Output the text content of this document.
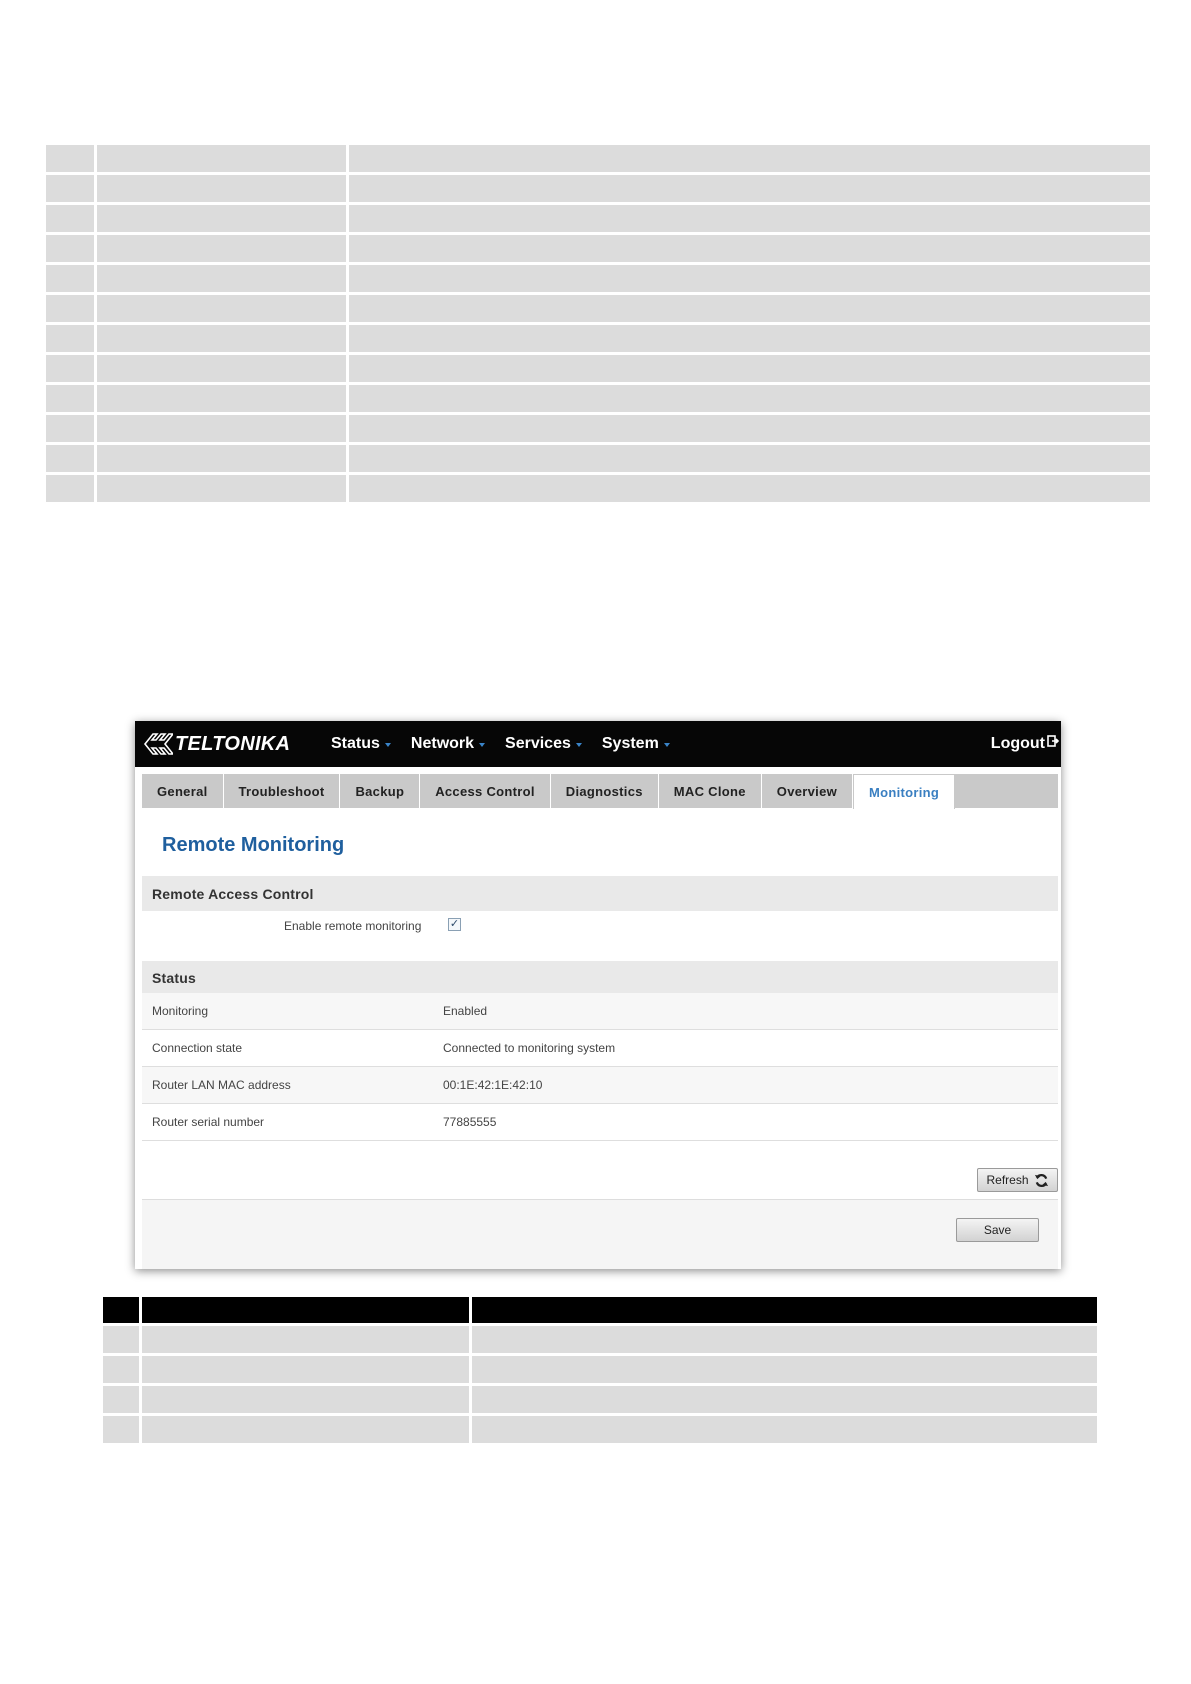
TELTONIKA	Status Network Services System	Logout
General	Troubleshoot	Backup	Access Control	Diagnostics	MAC Clone	Overview	Monitoring
Remote Monitoring
Remote Access Control
Enable remote monitoring	✓
Status
Monitoring	Enabled
Connection state	Connected to monitoring system
Router LAN MAC address	00:1E:42:1E:42:10
Router serial number	77885555
Refresh
Save
